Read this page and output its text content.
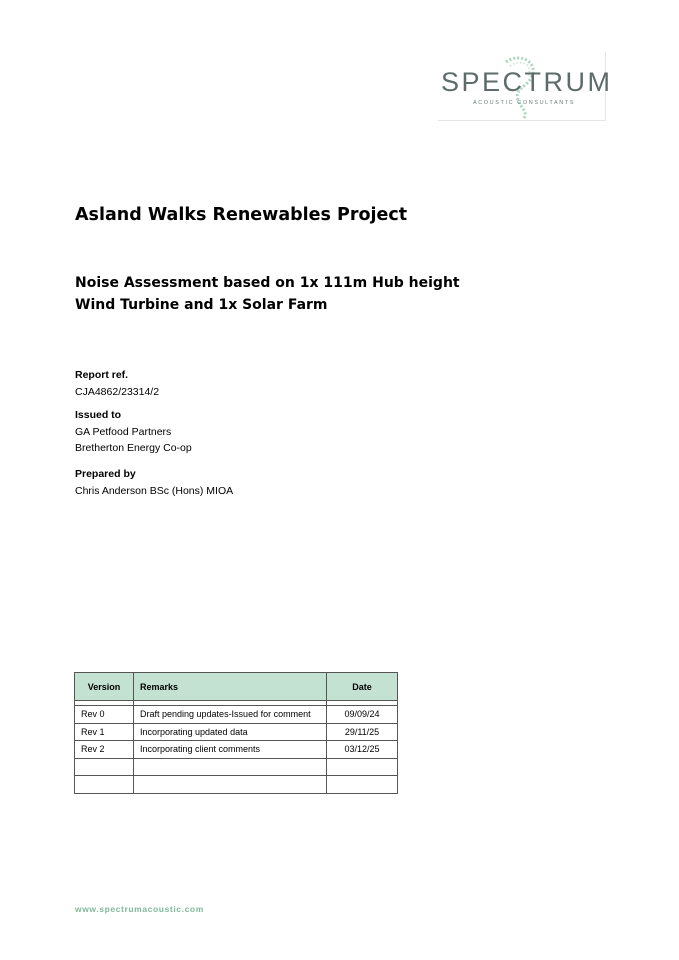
SPECTRUM
ACOUSTIC CONSULTANTS
Asland Walks Renewables Project
Noise Assessment based on 1x 111m Hub height Wind Turbine and 1x Solar Farm
Report ref.
CJA4862/23314/2
Issued to
GA Petfood Partners
Bretherton Energy Co-op
Prepared by
Chris Anderson BSc (Hons) MIOA
Version	Remarks	Date

Rev 0	Draft pending updates-Issued for comment	09/09/24
Rev 1	Incorporating updated data	29/11/25
Rev 2	Incorporating client comments	03/12/25

www.spectrumacoustic.com
